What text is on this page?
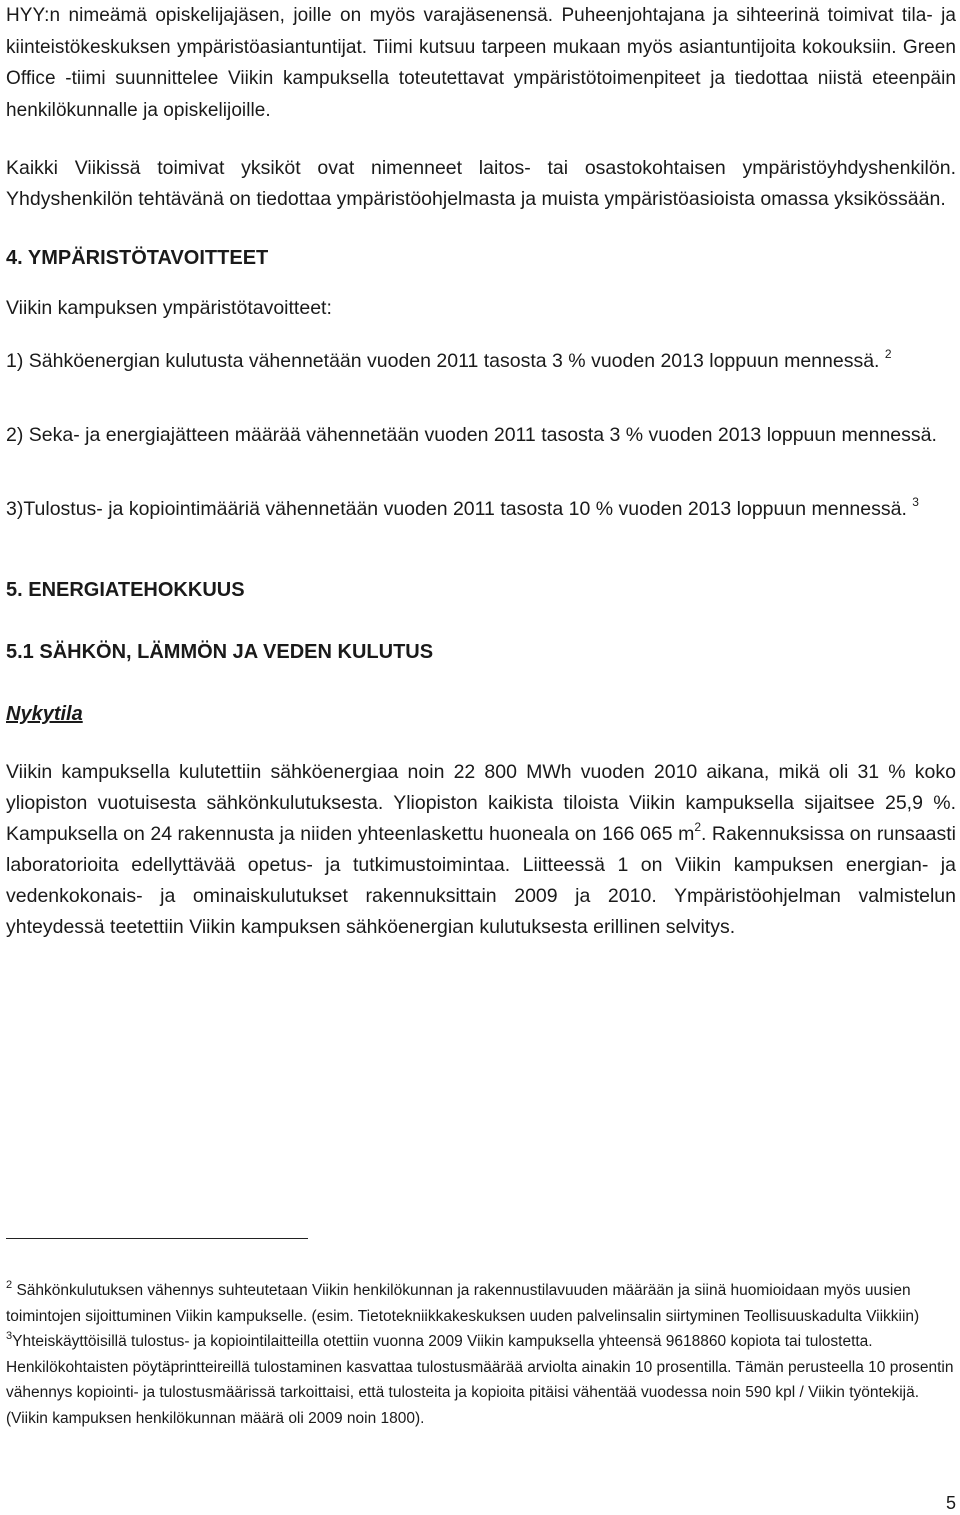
HYY:n nimeämä opiskelijajäsen, joille on myös varajäsenensä. Puheenjohtajana ja sihteerinä toimivat tila- ja kiinteistökeskuksen ympäristöasiantuntijat. Tiimi kutsuu tarpeen mukaan myös asiantuntijoita kokouksiin. Green Office -tiimi suunnittelee Viikin kampuksella toteutettavat ympäristötoimenpiteet ja tiedottaa niistä eteenpäin henkilökunnalle ja opiskelijoille.

Kaikki Viikissä toimivat yksiköt ovat nimenneet laitos- tai osastokohtaisen ympäristöyhdyshenkilön. Yhdyshenkilön tehtävänä on tiedottaa ympäristöohjelmasta ja muista ympäristöasioista omassa yksikössään.

4. YMPÄRISTÖTAVOITTEET

Viikin kampuksen ympäristötavoitteet:

1) Sähköenergian kulutusta vähennetään vuoden 2011 tasosta 3 % vuoden 2013 loppuun mennessä. $^2$

2) Seka- ja energiajätteen määrää vähennetään vuoden 2011 tasosta 3 % vuoden 2013 loppuun mennessä.

3)Tulostus- ja kopiointimääriä vähennetään vuoden 2011 tasosta 10 % vuoden 2013 loppuun mennessä. $^3$

5. ENERGIATEHOKKUUS

5.1 SÄHKÖN, LÄMMÖN JA VEDEN KULUTUS

Nykytila

Viikin kampuksella kulutettiin sähköenergiaa noin 22 800 MWh vuoden 2010 aikana, mikä oli 31 % koko yliopiston vuotuisesta sähkönkulutuksesta. Yliopiston kaikista tiloista Viikin kampuksella sijaitsee 25,9 %. Kampuksella on 24 rakennusta ja niiden yhteenlaskettu huoneala on 166 065 $m^2$. Rakennuksissa on runsaasti laboratorioita edellyttävää opetus- ja tutkimustoimintaa. Liitteessä 1 on Viikin kampuksen energian- ja vedenkokonais- ja ominaiskulutukset rakennuksittain 2009 ja 2010. Ympäristöohjelman valmistelun yhteydessä teetettiin Viikin kampuksen sähköenergian kulutuksesta erillinen selvitys.

$^2$ Sähkönkulutuksen vähennys suhteutetaan Viikin henkilökunnan ja rakennustilavuuden määrään ja siinä huomioidaan myös uusien toimintojen sijoittuminen Viikin kampukselle. (esim. Tietotekniikkakeskuksen uuden palvelinsalin siirtyminen Teollisuuskadulta Viikkiin)

$^3$Yhteiskäyttöisillä tulostus- ja kopiointilaitteilla otettiin vuonna 2009 Viikin kampuksella yhteensä 9618860 kopiota tai tulostetta. Henkilökohtaisten pöytäprintteireillä tulostaminen kasvattaa tulostusmäärää arviolta ainakin 10 prosentilla. Tämän perusteella 10 prosentin vähennys kopiointi- ja tulostusmäärissä tarkoittaisi, että tulosteita ja kopioita pitäisi vähentää vuodessa noin 590 kpl / Viikin työntekijä. (Viikin kampuksen henkilökunnan määrä oli 2009 noin 1800).

5
